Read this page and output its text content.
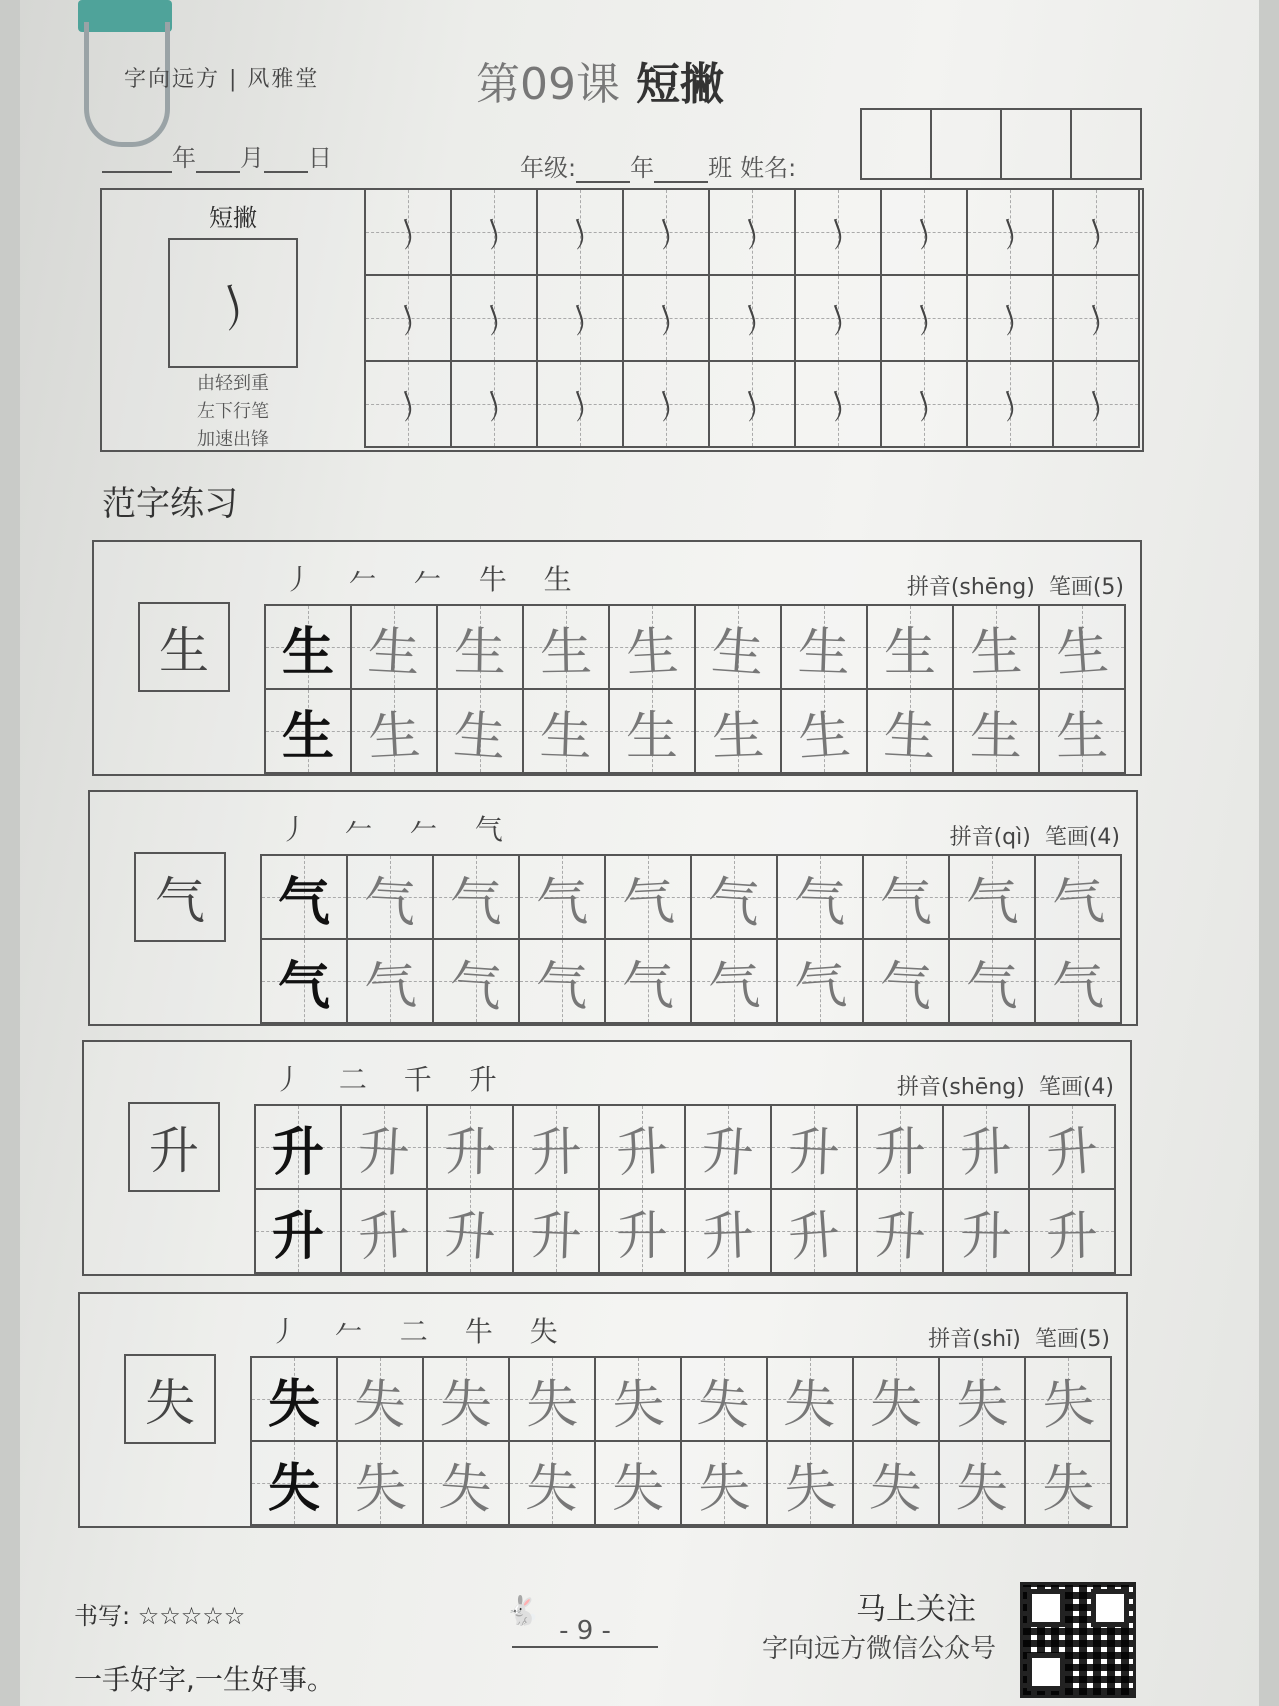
字向远方 | 风雅堂	第09课 短撇
年 月 日	年级: 年 班 姓名:
短撇
丿
由轻到重
左下行笔
加速出锋
丿 丿 丿 丿 丿 丿 丿 丿 丿
丿 丿 丿 丿 丿 丿 丿 丿 丿
丿 丿 丿 丿 丿 丿 丿 丿 丿
范字练习
生
丿 𠂉 𠂉 牛 生	拼音(shēng) 笔画(5)
生 生 生 生 生 生 生 生 生 生
生 生 生 生 生 生 生 生 生 生
气
丿 𠂉 𠂉 气	拼音(qì) 笔画(4)
气 气 气 气 气 气 气 气 气 气
气 气 气 气 气 气 气 气 气 气
升
丿 二 千 升	拼音(shēng) 笔画(4)
升 升 升 升 升 升 升 升 升 升
升 升 升 升 升 升 升 升 升 升
失
丿 𠂉 二 牛 失	拼音(shī) 笔画(5)
失 失 失 失 失 失 失 失 失 失
失 失 失 失 失 失 失 失 失 失
书写: ☆☆☆☆☆
一手好字,一生好事。
🐇
- 9 -
马上关注
字向远方微信公众号
